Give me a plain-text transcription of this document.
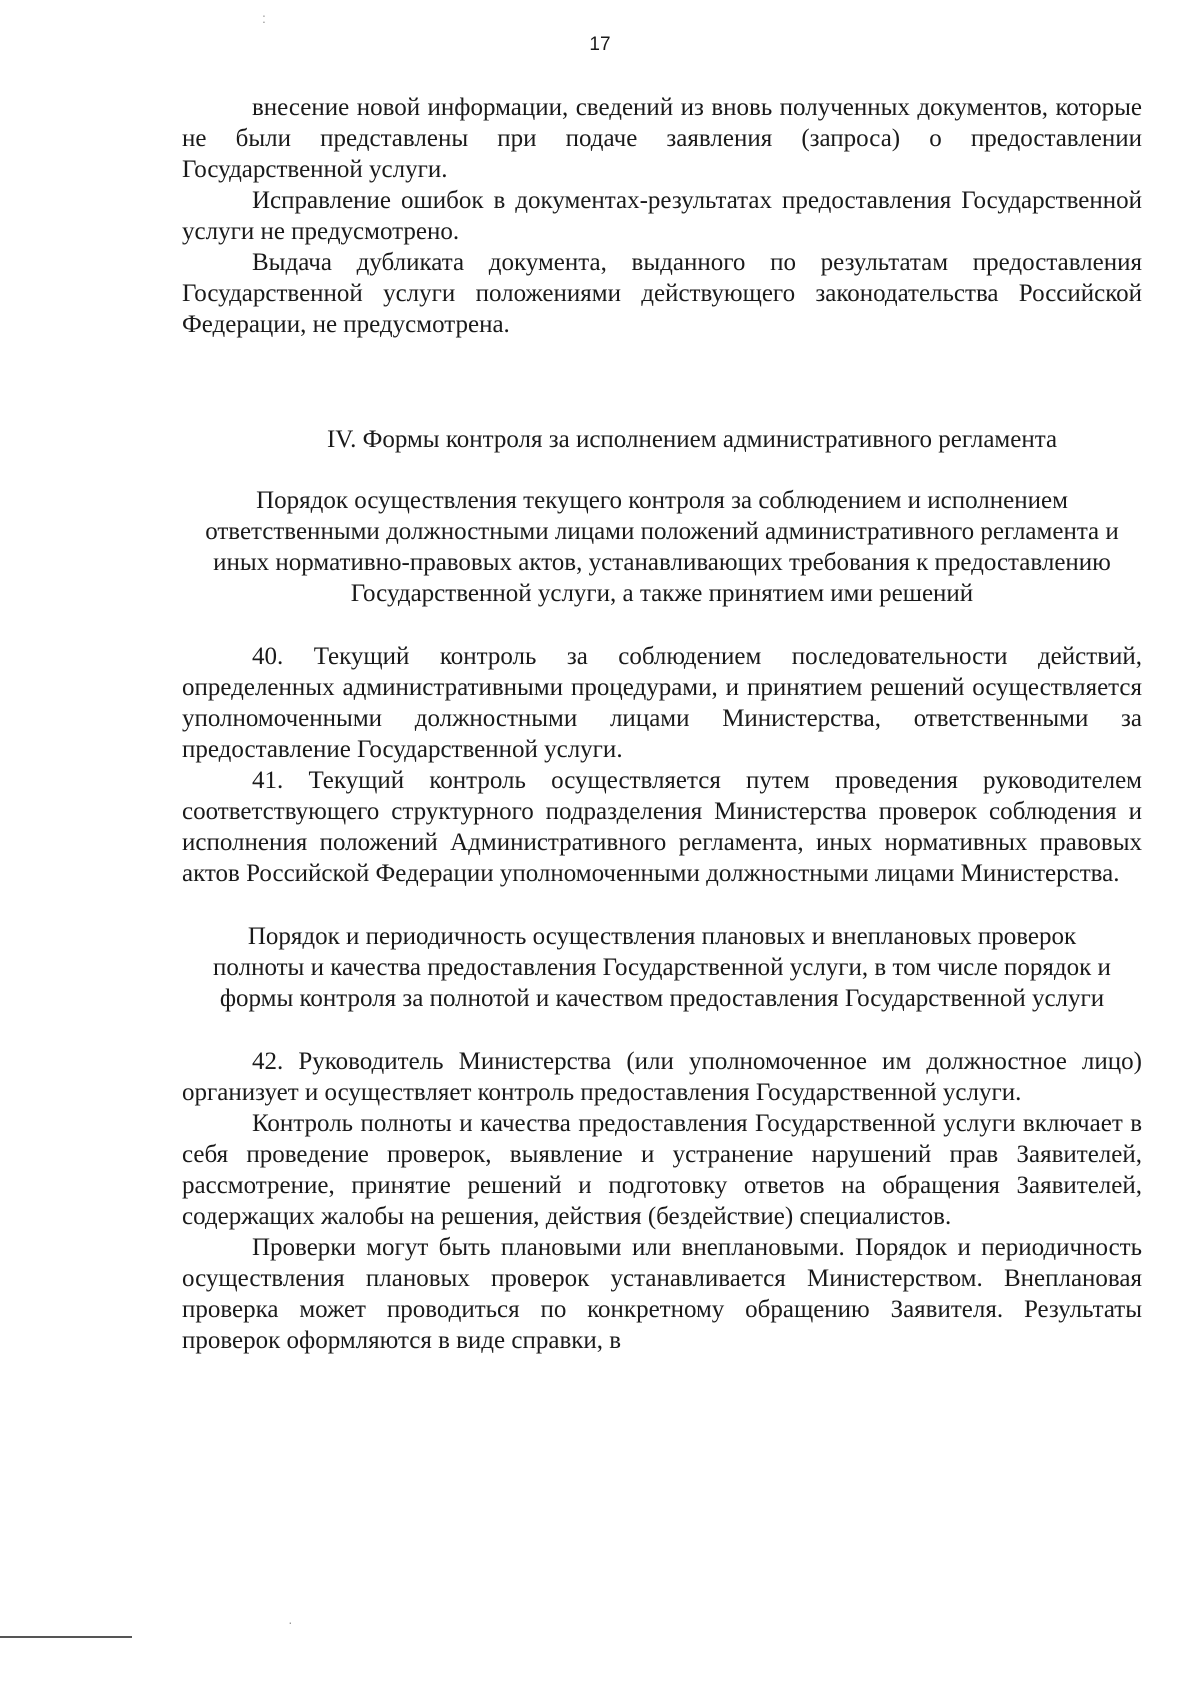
:
17

внесение новой информации, сведений из вновь полученных документов, которые не были представлены при подаче заявления (запроса) о предоставлении Государственной услуги.

Исправление ошибок в документах-результатах предоставления Государственной услуги не предусмотрено.

Выдача дубликата документа, выданного по результатам предоставления Государственной услуги положениями действующего законодательства Российской Федерации, не предусмотрена.

IV. Формы контроля за исполнением административного регламента

Порядок осуществления текущего контроля за соблюдением и исполнением ответственными должностными лицами положений административного регламента и иных нормативно-правовых актов, устанавливающих требования к предоставлению Государственной услуги, а также принятием ими решений

40. Текущий контроль за соблюдением последовательности действий, определенных административными процедурами, и принятием решений осуществляется уполномоченными должностными лицами Министерства, ответственными за предоставление Государственной услуги.

41. Текущий контроль осуществляется путем проведения руководителем соответствующего структурного подразделения Министерства проверок соблюдения и исполнения положений Административного регламента, иных нормативных правовых актов Российской Федерации уполномоченными должностными лицами Министерства.

Порядок и периодичность осуществления плановых и внеплановых проверок полноты и качества предоставления Государственной услуги, в том числе порядок и формы контроля за полнотой и качеством предоставления Государственной услуги

42. Руководитель Министерства (или уполномоченное им должностное лицо) организует и осуществляет контроль предоставления Государственной услуги.

Контроль полноты и качества предоставления Государственной услуги включает в себя проведение проверок, выявление и устранение нарушений прав Заявителей, рассмотрение, принятие решений и подготовку ответов на обращения Заявителей, содержащих жалобы на решения, действия (бездействие) специалистов.

Проверки могут быть плановыми или внеплановыми. Порядок и периодичность осуществления плановых проверок устанавливается Министерством. Внеплановая проверка может проводиться по конкретному обращению Заявителя. Результаты проверок оформляются в виде справки, в

·
